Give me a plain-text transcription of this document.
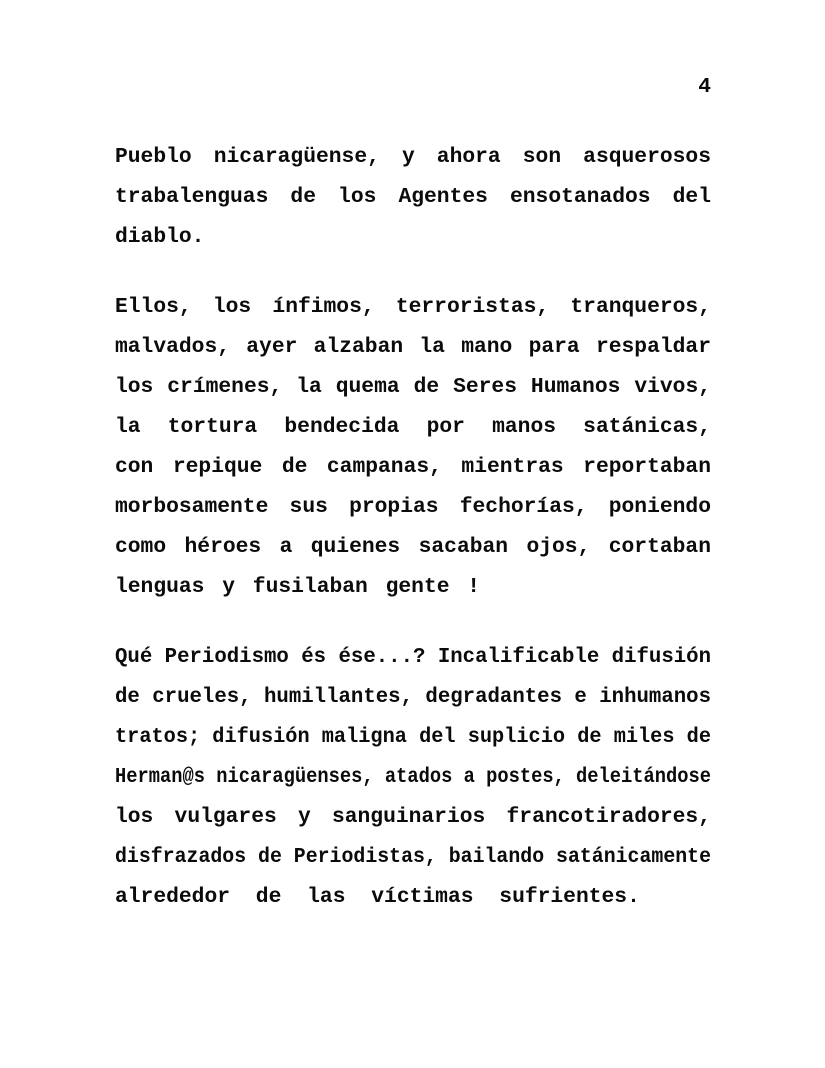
4
Pueblo nicaragüense, y ahora son asquerosos
trabalenguas de los Agentes ensotanados del
diablo.
Ellos, los ínfimos, terroristas, tranqueros,
malvados, ayer alzaban la mano para respaldar
los crímenes, la quema de Seres Humanos vivos,
la tortura bendecida por manos satánicas,
con repique de campanas, mientras reportaban
morbosamente sus propias fechorías, poniendo
como héroes a quienes sacaban ojos, cortaban
lenguas y fusilaban gente !
Qué Periodismo és ése...? Incalificable difusión
de crueles, humillantes, degradantes e inhumanos
tratos; difusión maligna del suplicio de miles de
Herman@s nicaragüenses, atados a postes, deleitándose
los vulgares y sanguinarios francotiradores,
disfrazados de Periodistas, bailando satánicamente
alrededor de las víctimas sufrientes.
